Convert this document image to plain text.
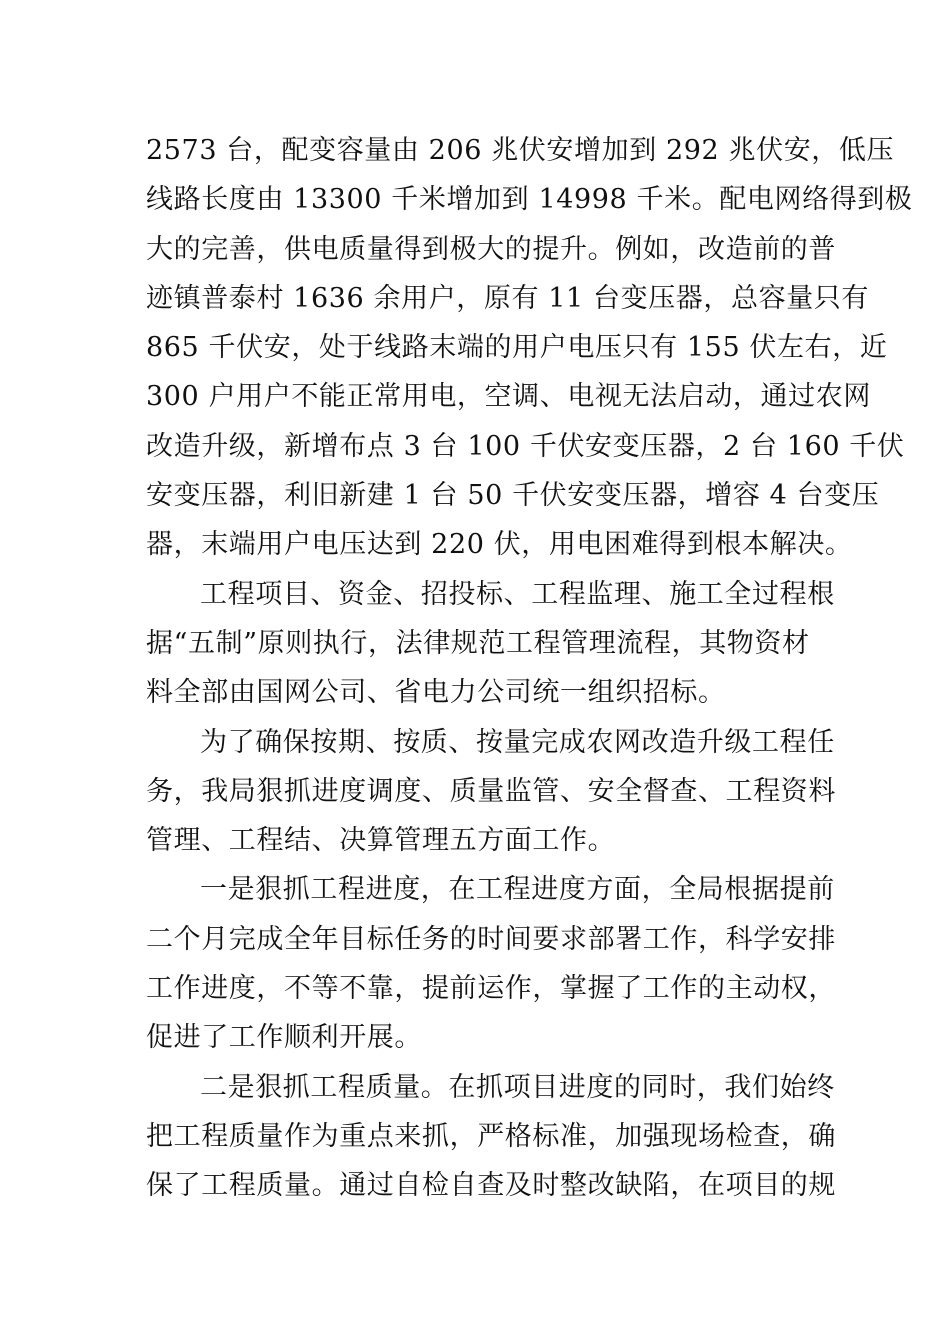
2573 台，配变容量由 206 兆伏安增加到 292 兆伏安，低压
线路长度由 13300 千米增加到 14998 千米。配电网络得到极
大的完善，供电质量得到极大的提升。例如，改造前的普
迹镇普泰村 1636 余用户，原有 11 台变压器，总容量只有
865 千伏安，处于线路末端的用户电压只有 155 伏左右，近
300 户用户不能正常用电，空调、电视无法启动，通过农网
改造升级，新增布点 3 台 100 千伏安变压器，2 台 160 千伏
安变压器，利旧新建 1 台 50 千伏安变压器，增容 4 台变压
器，末端用户电压达到 220 伏，用电困难得到根本解决。
工程项目、资金、招投标、工程监理、施工全过程根
据“五制”原则执行，法律规范工程管理流程，其物资材
料全部由国网公司、省电力公司统一组织招标。
为了确保按期、按质、按量完成农网改造升级工程任
务，我局狠抓进度调度、质量监管、安全督查、工程资料
管理、工程结、决算管理五方面工作。
一是狠抓工程进度，在工程进度方面，全局根据提前
二个月完成全年目标任务的时间要求部署工作，科学安排
工作进度，不等不靠，提前运作，掌握了工作的主动权，
促进了工作顺利开展。
二是狠抓工程质量。在抓项目进度的同时，我们始终
把工程质量作为重点来抓，严格标准，加强现场检查，确
保了工程质量。通过自检自查及时整改缺陷，在项目的规
